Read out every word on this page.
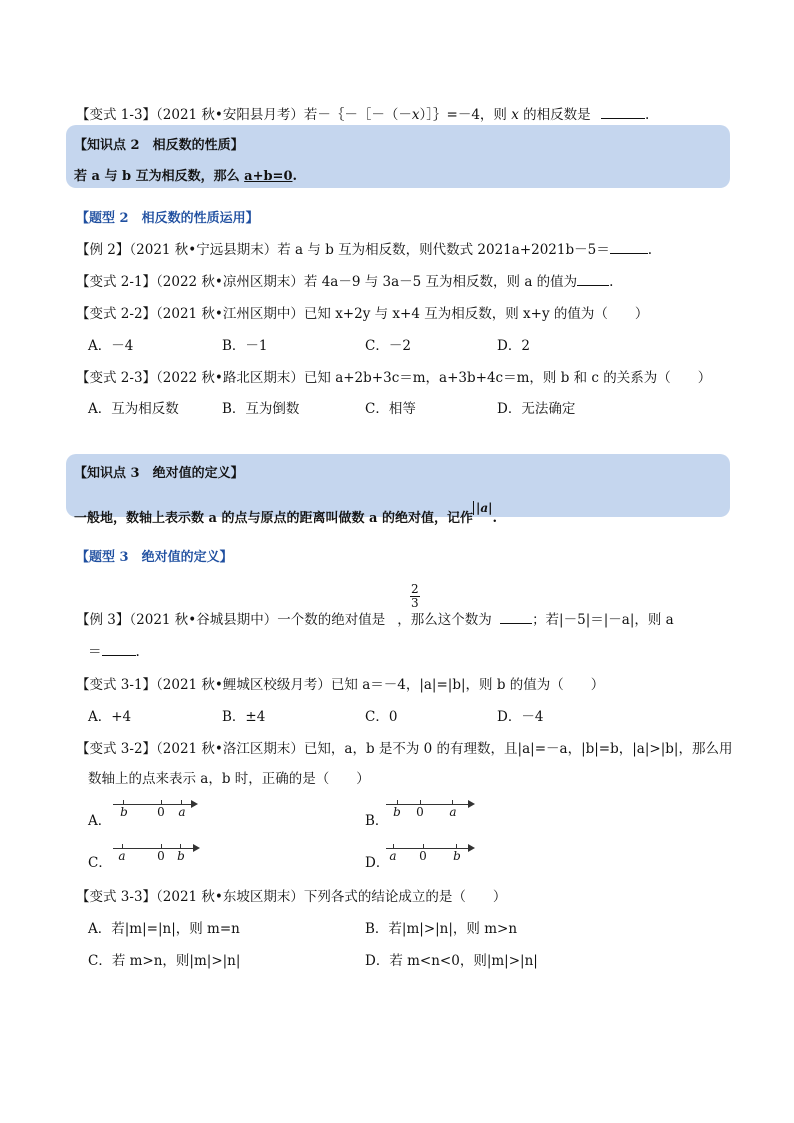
【变式 1-3】（2021 秋•安阳县月考）若－｛－［－（－x）］｝=－4，则 x 的相反数是	.
【知识点 2　相反数的性质】
若 a 与 b 互为相反数，那么 a+b=0.
【题型 2　相反数的性质运用】
【例 2】（2021 秋•宁远县期末）若 a 与 b 互为相反数，则代数式 2021a+2021b－5＝	.
【变式 2-1】（2022 秋•凉州区期末）若 4a－9 与 3a－5 互为相反数，则 a 的值为 .
【变式 2-2】（2021 秋•江州区期中）已知 x+2y 与 x+4 互为相反数，则 x+y 的值为（　　）
A．－4	B．－1	C．－2	D．2
【变式 2-3】（2022 秋•路北区期末）已知 a+2b+3c＝m，a+3b+4c＝m，则 b 和 c 的关系为（　　）
A．互为相反数	B．互为倒数	C．相等	D．无法确定
【知识点 3　绝对值的定义】
一般地，数轴上表示数 a 的点与原点的距离叫做数 a 的绝对值，记作|a|.
【题型 3　绝对值的定义】
$\frac{2}{3}$
【例 3】（2021 秋•谷城县期中）一个数的绝对值是 ，那么这个数为	；若|－5|＝|－a|，则 a
＝	.
【变式 3-1】（2021 秋•鲤城区校级月考）已知 a＝－4，|a|=|b|，则 b 的值为（　　）
A．+4	B．±4	C．0	D．－4
【变式 3-2】（2021 秋•洛江区期末）已知，a，b 是不为 0 的有理数，且|a|=－a，|b|=b，|a|>|b|，那么用
数轴上的点来表示 a，b 时，正确的是（　　）
A．
b 0 a
B．
b 0 a
C． a	0 b	D． a 0 b
【变式 3-3】（2021 秋•东坡区期末）下列各式的结论成立的是（　　）
A．若|m|=|n|，则 m=n	B．若|m|>|n|，则 m>n
C．若 m>n，则|m|>|n|	D．若 m<n<0，则|m|>|n|
